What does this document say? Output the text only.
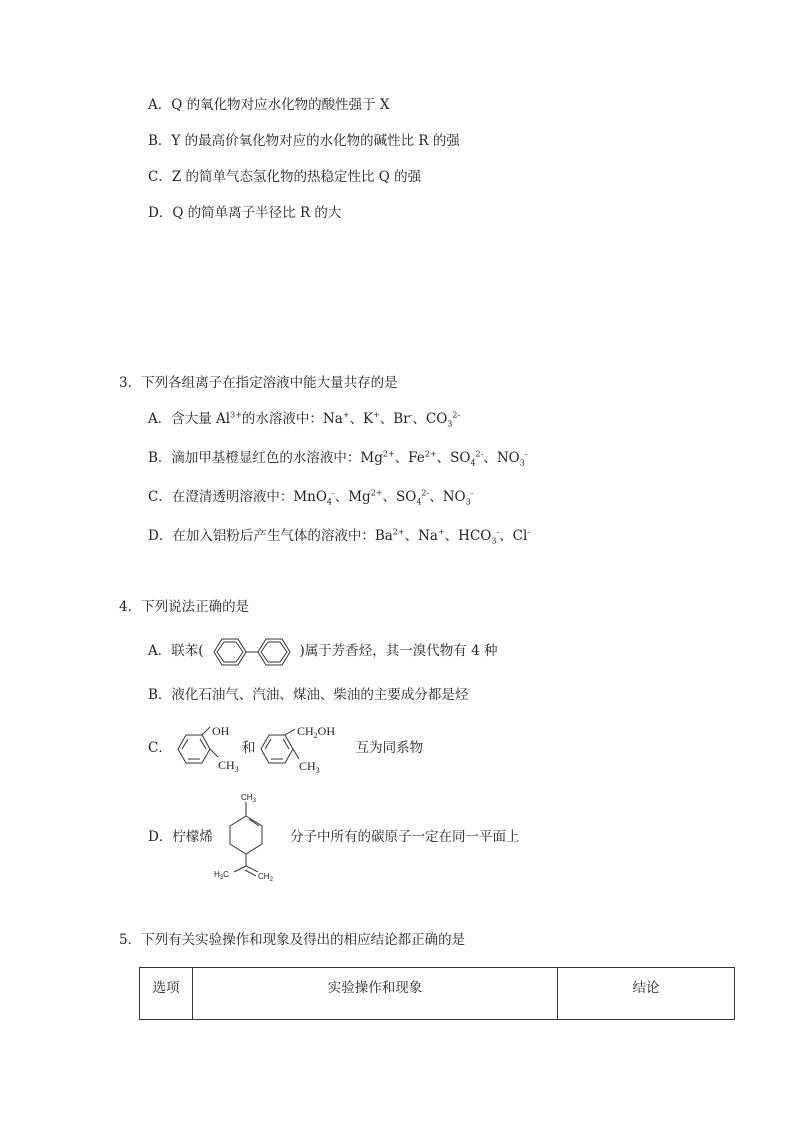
A．Q 的氧化物对应水化物的酸性强于 X
B．Y 的最高价氧化物对应的水化物的碱性比 R 的强
C．Z 的简单气态氢化物的热稳定性比 Q 的强
D．Q 的简单离子半径比 R 的大
3．下列各组离子在指定溶液中能大量共存的是
A．含大量 $Al^{3+}$的水溶液中：Na+、K+、Br-、$CO_3^{2-}$
B．滴加甲基橙显红色的水溶液中：$Mg^{2+}$、$Fe^{2+}$、$SO_4^{2-}$、$NO_3^-$
C．在澄清透明溶液中：MnO$_4$-、$Mg^{2+}$、$SO_4^{2-}$、$NO_3^-$
D．在加入铝粉后产生气体的溶液中：$Ba^{2+}$、Na+、$HCO_3^-$、Cl-
4．下列说法正确的是
A．联苯(	)属于芳香烃，其一溴代物有 4 种
B．液化石油气、汽油、煤油、柴油的主要成分都是烃
C．
OH
$CH_3$
和
$CH_2OH$
$CH_3$
互为同系物
D．柠檬烯
$CH_3$
$H_3C$	$CH_2$
分子中所有的碳原子一定在同一平面上
5．下列有关实验操作和现象及得出的相应结论都正确的是
选项	实验操作和现象	结论
